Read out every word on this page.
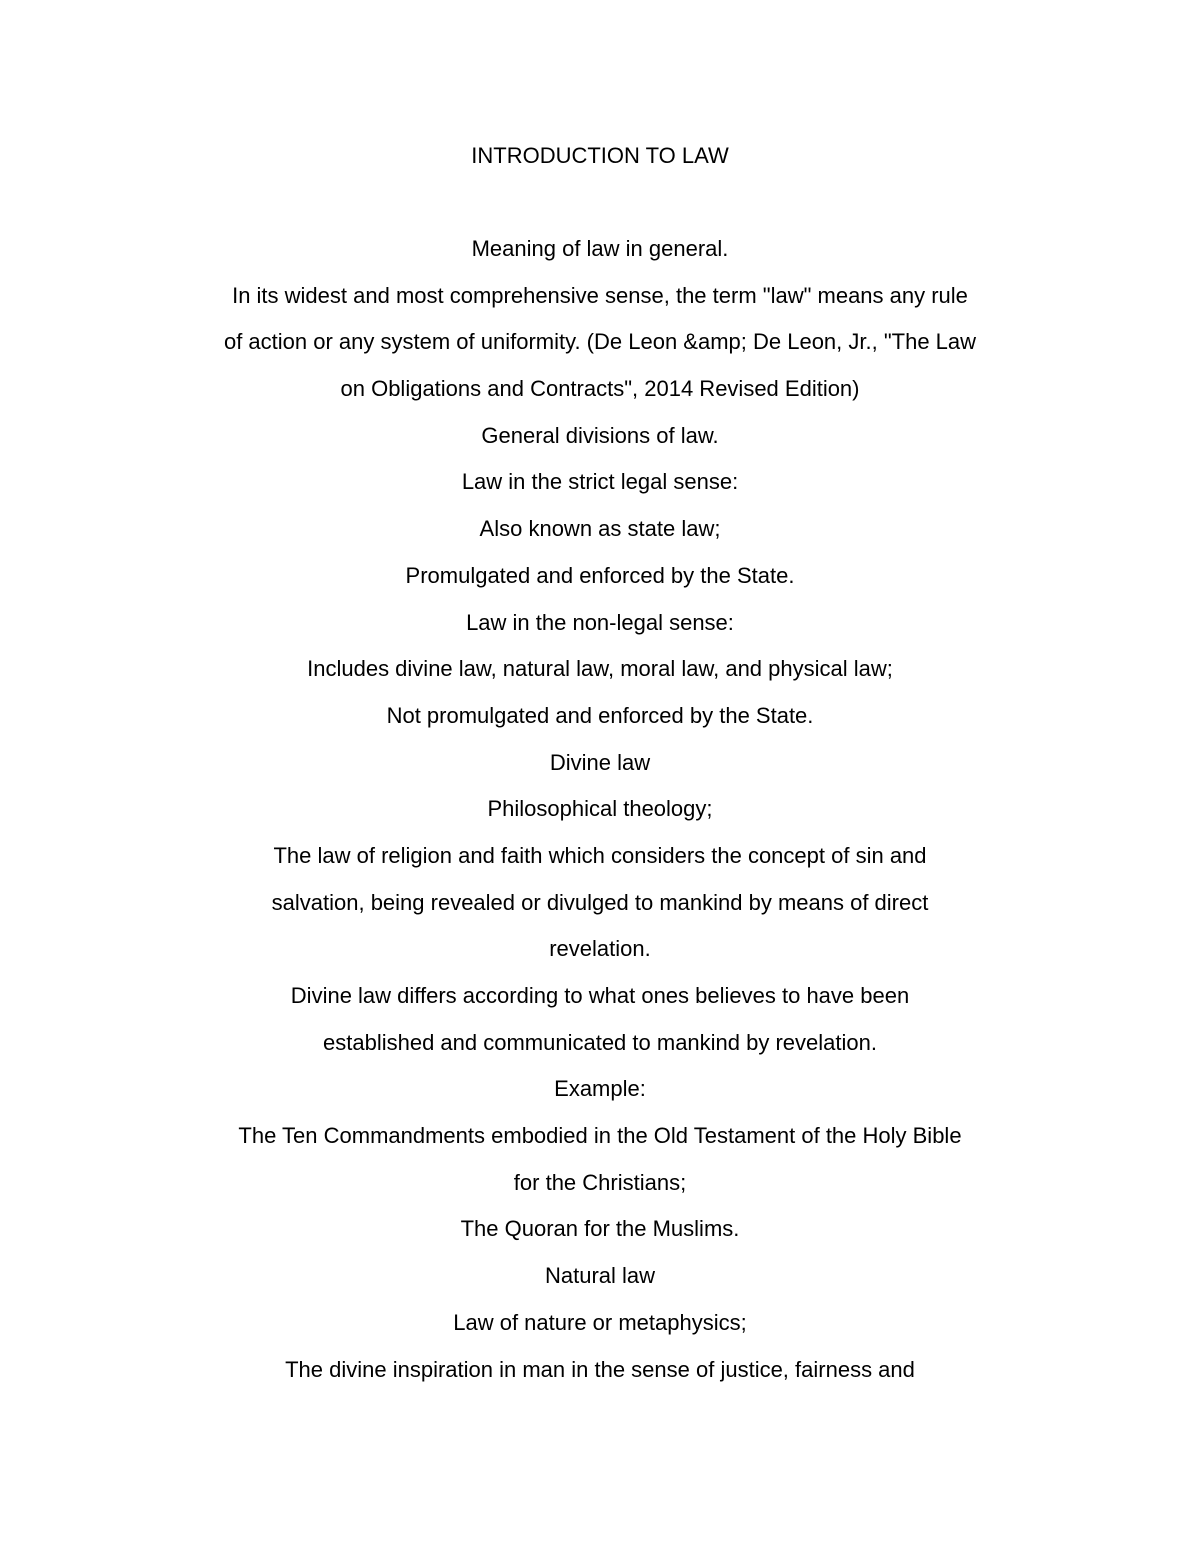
INTRODUCTION TO LAW
Meaning of law in general.
In its widest and most comprehensive sense, the term "law" means any rule
of action or any system of uniformity. (De Leon &amp; De Leon, Jr., "The Law
on Obligations and Contracts", 2014 Revised Edition)
General divisions of law.
Law in the strict legal sense:
Also known as state law;
Promulgated and enforced by the State.
Law in the non-legal sense:
Includes divine law, natural law, moral law, and physical law;
Not promulgated and enforced by the State.
Divine law
Philosophical theology;
The law of religion and faith which considers the concept of sin and
salvation, being revealed or divulged to mankind by means of direct
revelation.
Divine law differs according to what ones believes to have been
established and communicated to mankind by revelation.
Example:
The Ten Commandments embodied in the Old Testament of the Holy Bible
for the Christians;
The Quoran for the Muslims.
Natural law
Law of nature or metaphysics;
The divine inspiration in man in the sense of justice, fairness and
